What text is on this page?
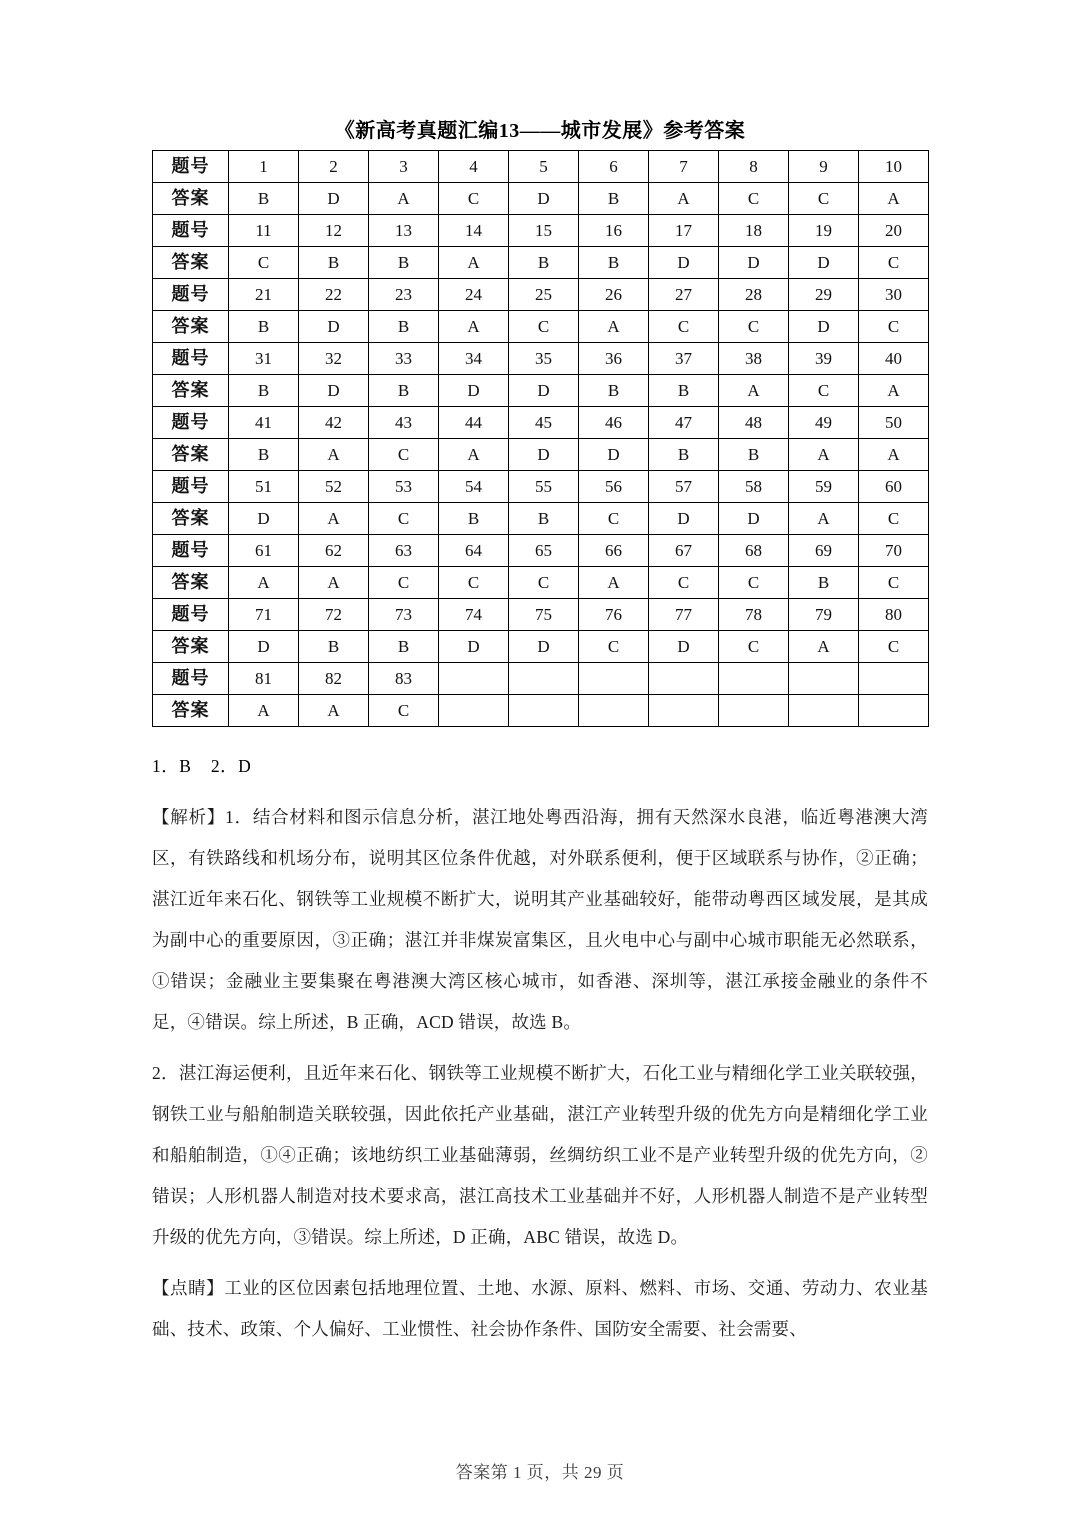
《新高考真题汇编13——城市发展》参考答案
题号	1	2	3	4	5	6	7	8	9	10
答案	B	D	A	C	D	B	A	C	C	A
题号	11	12	13	14	15	16	17	18	19	20
答案	C	B	B	A	B	B	D	D	D	C
题号	21	22	23	24	25	26	27	28	29	30
答案	B	D	B	A	C	A	C	C	D	C
题号	31	32	33	34	35	36	37	38	39	40
答案	B	D	B	D	D	B	B	A	C	A
题号	41	42	43	44	45	46	47	48	49	50
答案	B	A	C	A	D	D	B	B	A	A
题号	51	52	53	54	55	56	57	58	59	60
答案	D	A	C	B	B	C	D	D	A	C
题号	61	62	63	64	65	66	67	68	69	70
答案	A	A	C	C	C	A	C	C	B	C
题号	71	72	73	74	75	76	77	78	79	80
答案	D	B	B	D	D	C	D	C	A	C
题号	81	82	83							
答案	A	A	C							
1．B    2．D

【解析】1．结合材料和图示信息分析，湛江地处粤西沿海，拥有天然深水良港，临近粤港澳大湾区，有铁路线和机场分布，说明其区位条件优越，对外联系便利，便于区域联系与协作，②正确；湛江近年来石化、钢铁等工业规模不断扩大，说明其产业基础较好，能带动粤西区域发展，是其成为副中心的重要原因，③正确；湛江并非煤炭富集区，且火电中心与副中心城市职能无必然联系，①错误；金融业主要集聚在粤港澳大湾区核心城市，如香港、深圳等，湛江承接金融业的条件不足，④错误。综上所述，B 正确，ACD 错误，故选 B。

2．湛江海运便利，且近年来石化、钢铁等工业规模不断扩大，石化工业与精细化学工业关联较强，钢铁工业与船舶制造关联较强，因此依托产业基础，湛江产业转型升级的优先方向是精细化学工业和船舶制造，①④正确；该地纺织工业基础薄弱，丝绸纺织工业不是产业转型升级的优先方向，②错误；人形机器人制造对技术要求高，湛江高技术工业基础并不好，人形机器人制造不是产业转型升级的优先方向，③错误。综上所述，D 正确，ABC 错误，故选 D。

【点睛】工业的区位因素包括地理位置、土地、水源、原料、燃料、市场、交通、劳动力、农业基础、技术、政策、个人偏好、工业惯性、社会协作条件、国防安全需要、社会需要、

答案第 1 页，共 29 页
